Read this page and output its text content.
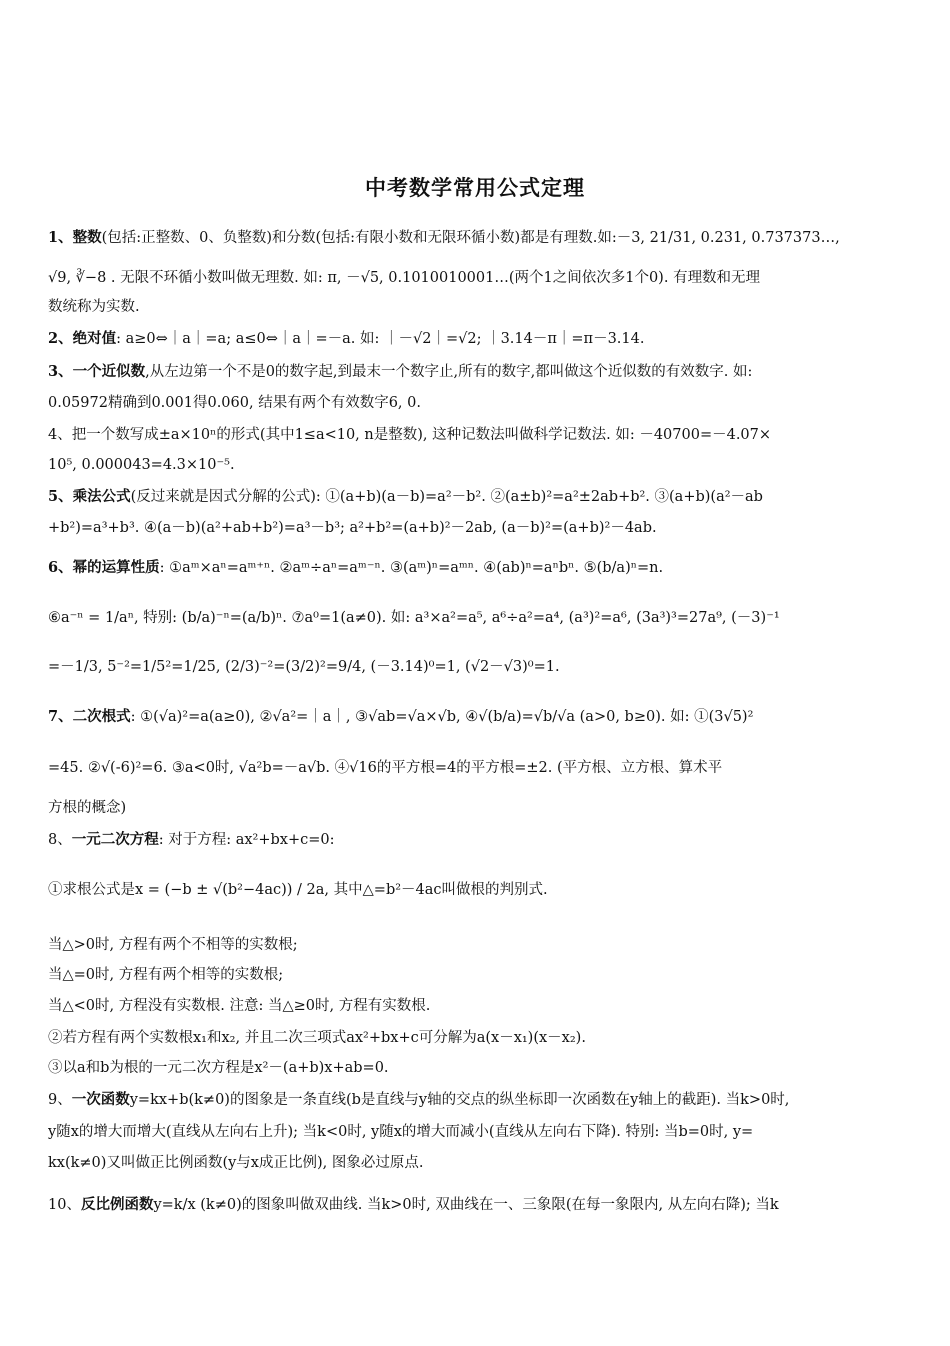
中考数学常用公式定理
1、整数(包括:正整数、0、负整数)和分数(包括:有限小数和无限环循小数)都是有理数.如:－3, 21/31, 0.231, 0.737373…,
√9, ∛−8 . 无限不环循小数叫做无理数. 如: π, －√5, 0.1010010001…(两个1之间依次多1个0). 有理数和无理
数统称为实数.
2、绝对值: a≥0⇔｜a｜=a; a≤0⇔｜a｜=－a. 如: ｜－√2｜=√2; ｜3.14－π｜=π－3.14.
3、一个近似数,从左边第一个不是0的数字起,到最末一个数字止,所有的数字,都叫做这个近似数的有效数字. 如:
0.05972精确到0.001得0.060, 结果有两个有效数字6, 0.
4、把一个数写成±a×10ⁿ的形式(其中1≤a<10, n是整数), 这种记数法叫做科学记数法. 如: －40700=－4.07×
10⁵, 0.000043=4.3×10⁻⁵.
5、乘法公式(反过来就是因式分解的公式): ①(a+b)(a－b)=a²－b². ②(a±b)²=a²±2ab+b². ③(a+b)(a²－ab
+b²)=a³+b³. ④(a－b)(a²+ab+b²)=a³－b³; a²+b²=(a+b)²－2ab, (a－b)²=(a+b)²－4ab.
6、幂的运算性质: ①aᵐ×aⁿ=aᵐ⁺ⁿ. ②aᵐ÷aⁿ=aᵐ⁻ⁿ. ③(aᵐ)ⁿ=aᵐⁿ. ④(ab)ⁿ=aⁿbⁿ. ⑤(b/a)ⁿ=n.
⑥a⁻ⁿ = 1/aⁿ, 特别: (b/a)⁻ⁿ=(a/b)ⁿ. ⑦a⁰=1(a≠0). 如: a³×a²=a⁵, a⁶÷a²=a⁴, (a³)²=a⁶, (3a³)³=27a⁹, (－3)⁻¹
=－1/3, 5⁻²=1/5²=1/25, (2/3)⁻²=(3/2)²=9/4, (－3.14)⁰=1, (√2－√3)⁰=1.
7、二次根式: ①(√a)²=a(a≥0), ②√a²=｜a｜, ③√ab=√a×√b, ④√(b/a)=√b/√a (a>0, b≥0). 如: ①(3√5)²
=45. ②√(-6)²=6. ③a<0时, √a²b=－a√b. ④√16的平方根=4的平方根=±2. (平方根、立方根、算术平
方根的概念)
8、一元二次方程: 对于方程: ax²+bx+c=0:
①求根公式是x = (−b ± √(b²−4ac)) / 2a, 其中△=b²－4ac叫做根的判别式.
当△>0时, 方程有两个不相等的实数根;
当△=0时, 方程有两个相等的实数根;
当△<0时, 方程没有实数根. 注意: 当△≥0时, 方程有实数根.
②若方程有两个实数根x₁和x₂, 并且二次三项式ax²+bx+c可分解为a(x－x₁)(x－x₂).
③以a和b为根的一元二次方程是x²－(a+b)x+ab=0.
9、一次函数y=kx+b(k≠0)的图象是一条直线(b是直线与y轴的交点的纵坐标即一次函数在y轴上的截距). 当k>0时,
y随x的增大而增大(直线从左向右上升); 当k<0时, y随x的增大而减小(直线从左向右下降). 特别: 当b=0时, y=
kx(k≠0)又叫做正比例函数(y与x成正比例), 图象必过原点.
10、反比例函数y=k/x (k≠0)的图象叫做双曲线. 当k>0时, 双曲线在一、三象限(在每一象限内, 从左向右降); 当k
